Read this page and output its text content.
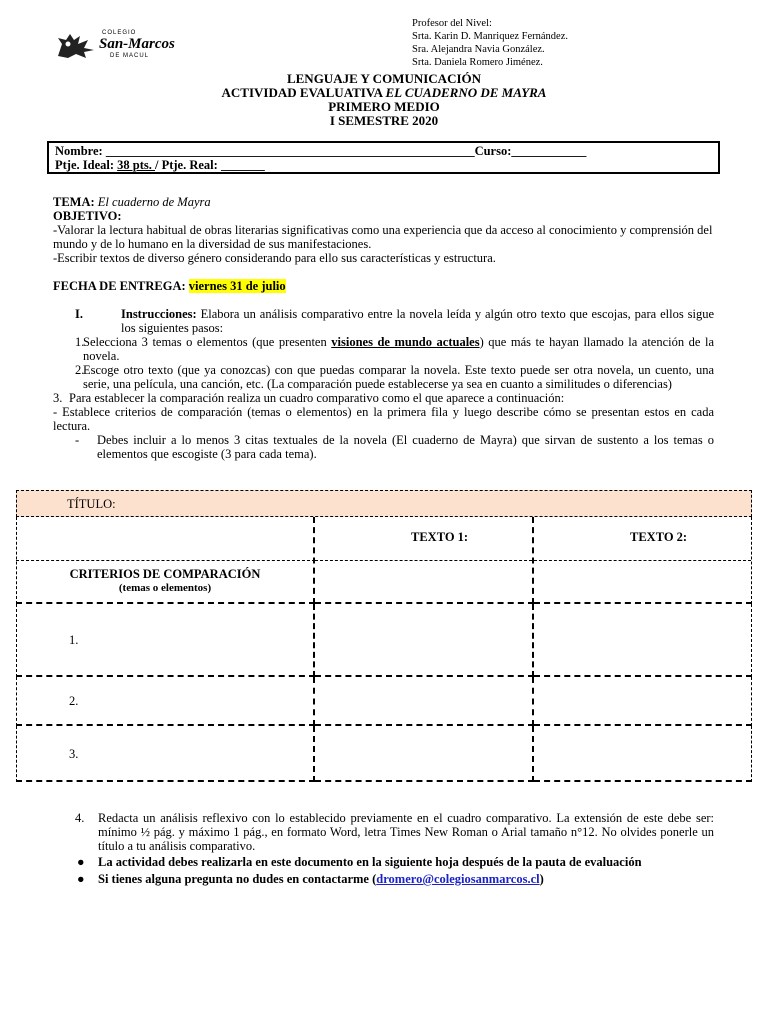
COLEGIO
San-Marcos
DE MACUL
Profesor del Nivel:
Srta. Karin D. Manriquez Fernández.
Sra. Alejandra Navia González.
Srta. Daniela Romero Jiménez.
LENGUAJE Y COMUNICACIÓN
ACTIVIDAD EVALUATIVA EL CUADERNO DE MAYRA
PRIMERO MEDIO
I SEMESTRE 2020
Nombre: ___________________________________________________________Curso:____________
Ptje. Ideal: 38 pts. / Ptje. Real: _______
TEMA: El cuaderno de Mayra
OBJETIVO:
-Valorar la lectura habitual de obras literarias significativas como una experiencia que da acceso al conocimiento y comprensión del mundo y de lo humano en la diversidad de sus manifestaciones.
-Escribir textos de diverso género considerando para ello sus características y estructura.
FECHA DE ENTREGA: viernes 31 de julio
I.	Instrucciones: Elabora un análisis comparativo entre la novela leída y algún otro texto que escojas, para ellos sigue los siguientes pasos:
1.
Selecciona 3 temas o elementos (que presenten visiones de mundo actuales) que más te hayan llamado la atención de la novela.
2.
Escoge otro texto (que ya conozcas) con que puedas comparar la novela. Este texto puede ser otra novela, un cuento, una serie, una película, una canción, etc. (La comparación puede establecerse ya sea en cuanto a similitudes o diferencias)
3. Para establecer la comparación realiza un cuadro comparativo como el que aparece a continuación:
- Establece criterios de comparación (temas o elementos) en la primera fila y luego describe cómo se presentan estos en cada lectura.
- Debes incluir a lo menos 3 citas textuales de la novela (El cuaderno de Mayra) que sirvan de sustento a los temas o elementos que escogiste (3 para cada tema).
TÍTULO:
CRITERIOS DE COMPARACIÓN
(temas o elementos)
TEXTO 1:	TEXTO 2:
1.
2.
3.
4. Redacta un análisis reflexivo con lo establecido previamente en el cuadro comparativo. La extensión de este debe ser: mínimo ½ pág. y máximo 1 pág., en formato Word, letra Times New Roman o Arial tamaño n°12. No olvides ponerle un título a tu análisis comparativo.
● La actividad debes realizarla en este documento en la siguiente hoja después de la pauta de evaluación
● Si tienes alguna pregunta no dudes en contactarme (dromero@colegiosanmarcos.cl)
